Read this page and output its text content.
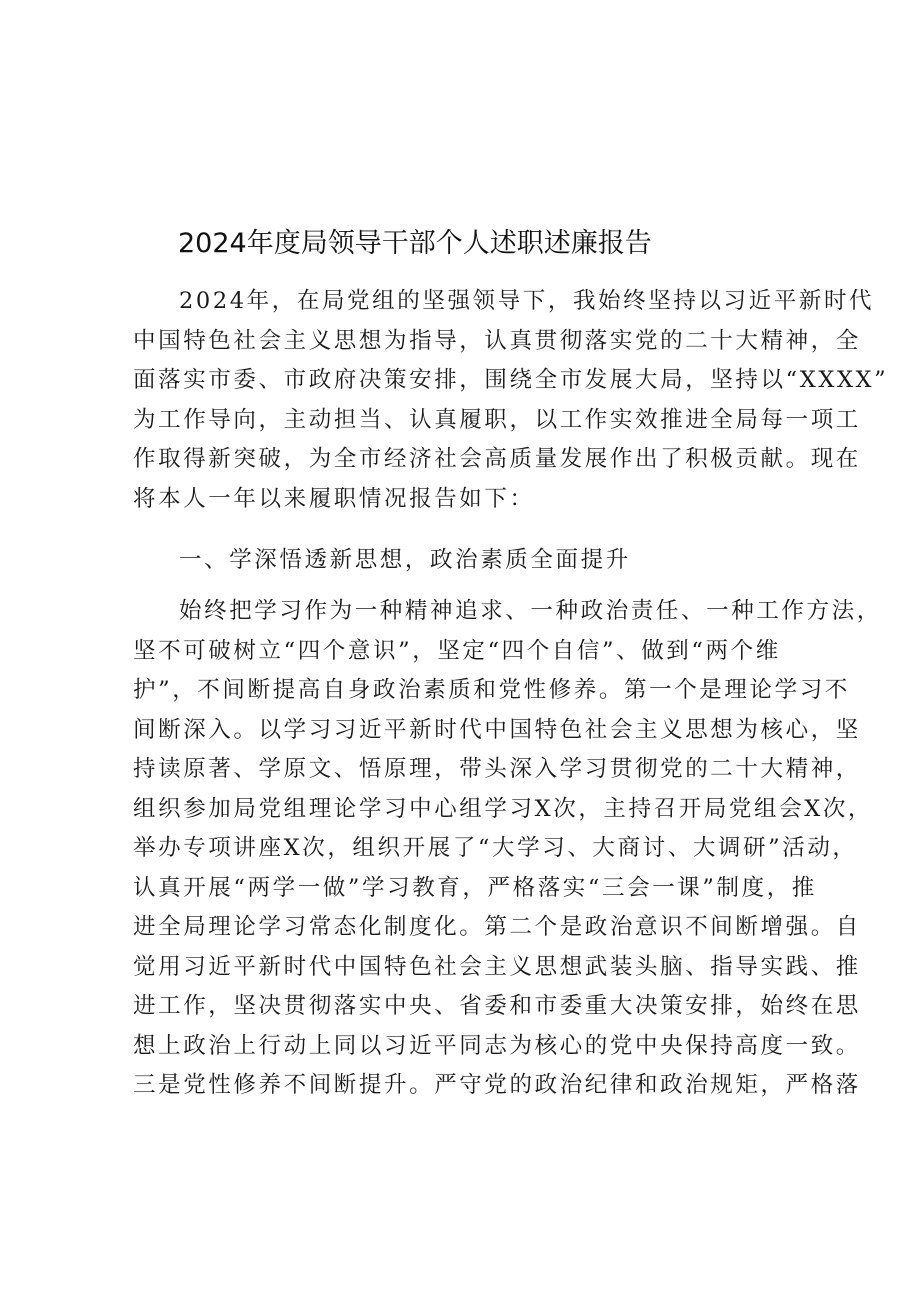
2024年度局领导干部个人述职述廉报告
2024年，在局党组的坚强领导下，我始终坚持以习近平新时代
中国特色社会主义思想为指导，认真贯彻落实党的二十大精神，全
面落实市委、市政府决策安排，围绕全市发展大局，坚持以“XXXX”
为工作导向，主动担当、认真履职，以工作实效推进全局每一项工
作取得新突破，为全市经济社会高质量发展作出了积极贡献。现在
将本人一年以来履职情况报告如下：
一、学深悟透新思想，政治素质全面提升
始终把学习作为一种精神追求、一种政治责任、一种工作方法，
坚不可破树立“四个意识”，坚定“四个自信”、做到“两个维
护”，不间断提高自身政治素质和党性修养。第一个是理论学习不
间断深入。以学习习近平新时代中国特色社会主义思想为核心，坚
持读原著、学原文、悟原理，带头深入学习贯彻党的二十大精神，
组织参加局党组理论学习中心组学习X次，主持召开局党组会X次，
举办专项讲座X次，组织开展了“大学习、大商讨、大调研”活动，
认真开展“两学一做”学习教育，严格落实“三会一课”制度，推
进全局理论学习常态化制度化。第二个是政治意识不间断增强。自
觉用习近平新时代中国特色社会主义思想武装头脑、指导实践、推
进工作，坚决贯彻落实中央、省委和市委重大决策安排，始终在思
想上政治上行动上同以习近平同志为核心的党中央保持高度一致。
三是党性修养不间断提升。严守党的政治纪律和政治规矩，严格落
